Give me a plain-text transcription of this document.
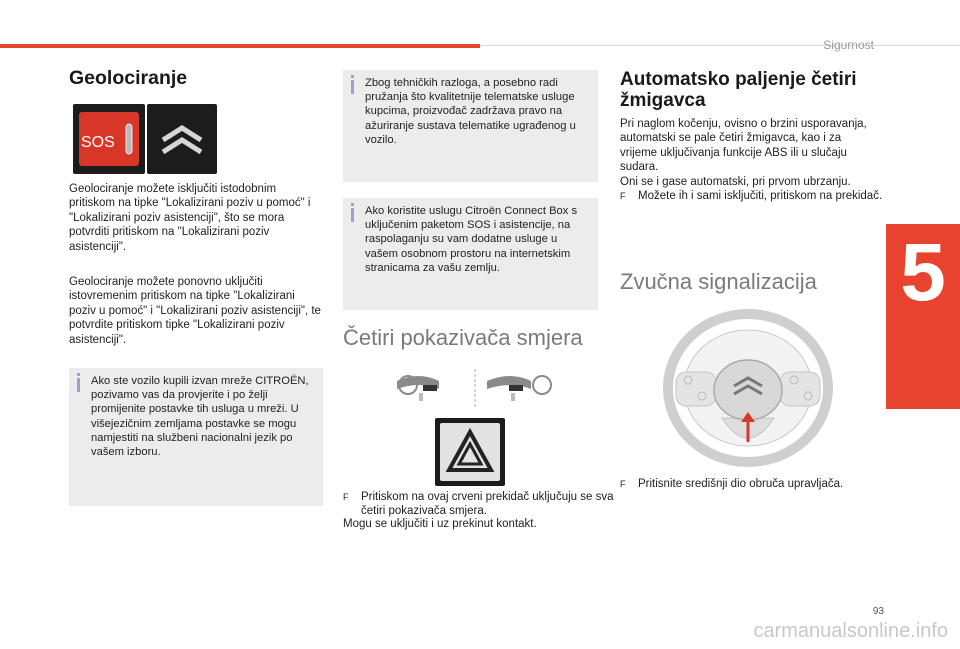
Sigurnost
5
93
carmanualsonline.info
Geolociranje
SOS

Geolociranje možete isključiti istodobnim pritiskom na tipke "Lokalizirani poziv u pomoć" i "Lokalizirani poziv asistenciji", što se mora potvrditi pritiskom na "Lokalizirani poziv asistenciji".

Geolociranje možete ponovno uključiti istovremenim pritiskom na tipke "Lokalizirani poziv u pomoć" i "Lokalizirani poziv asistenciji", te potvrdite pritiskom tipke "Lokalizirani poziv asistenciji".

Ako ste vozilo kupili izvan mreže CITROËN, pozivamo vas da provjerite i po želji promijenite postavke tih usluga u mreži. U višejezičnim zemljama postavke se mogu namjestiti na službeni nacionalni jezik po vašem izboru.

Zbog tehničkih razloga, a posebno radi pružanja što kvalitetnije telematske usluge kupcima, proizvođač zadržava pravo na ažuriranje sustava telematike ugrađenog u vozilo.

Ako koristite uslugu Citroën Connect Box s uključenim paketom SOS i asistencije, na raspolaganju su vam dodatne usluge u vašem osobnom prostoru na internetskim stranicama za vašu zemlju.

Četiri pokazivača smjera

F Pritiskom na ovaj crveni prekidač uključuju se sva četiri pokazivača smjera.

Mogu se uključiti i uz prekinut kontakt.

Automatsko paljenje četiri žmigavca

Pri naglom kočenju, ovisno o brzini usporavanja, automatski se pale četiri žmigavca, kao i za vrijeme uključivanja funkcije ABS ili u slučaju sudara.

Oni se i gase automatski, pri prvom ubrzanju.

F Možete ih i sami isključiti, pritiskom na prekidač.

Zvučna signalizacija

F Pritisnite središnji dio obruča upravljača.
